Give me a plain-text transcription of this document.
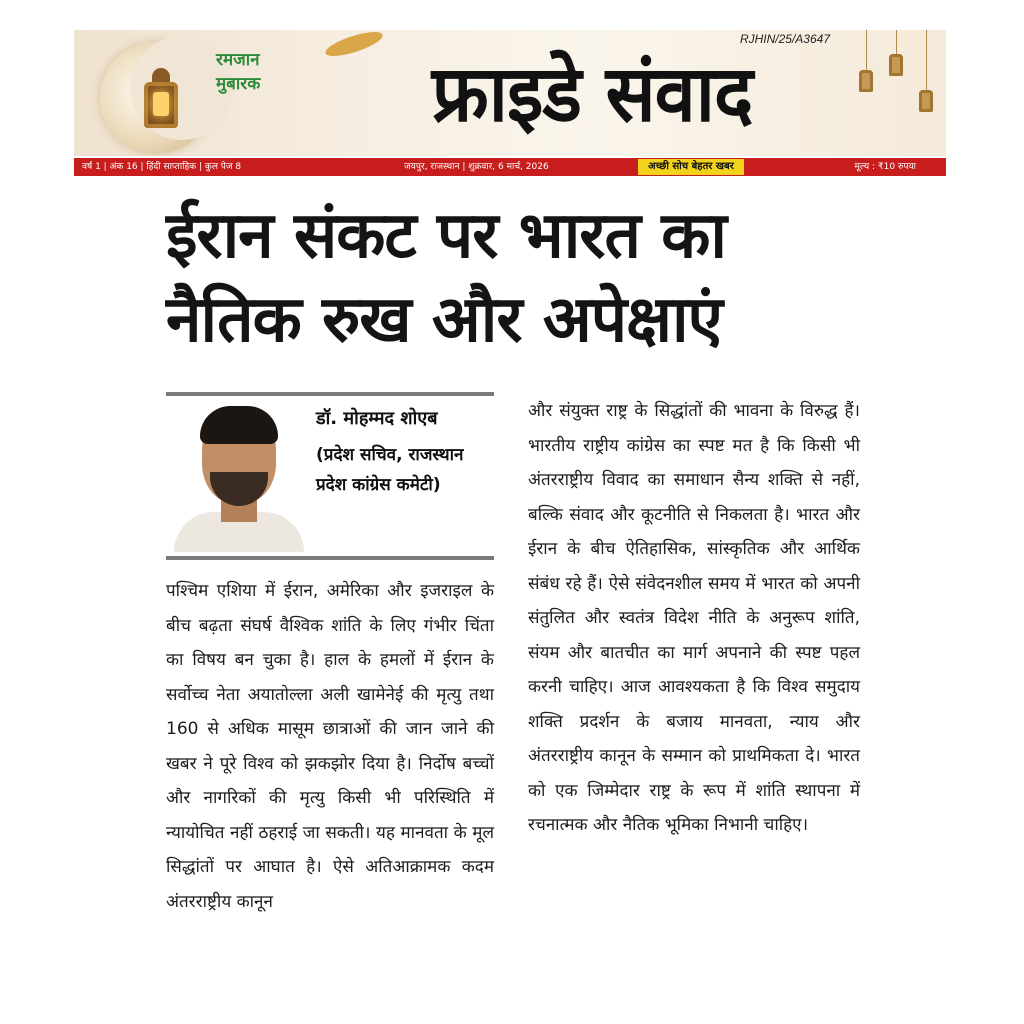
रमजान मुबारक	फ्राइडे संवाद
RJHIN/25/A3647
वर्ष 1 | अंक 16 | हिंदी साप्ताहिक | कुल पेज 8	जयपुर, राजस्थान | शुक्रवार, 6 मार्च, 2026	अच्छी सोच बेहतर खबर	मूल्य : ₹10 रुपया
ईरान संकट पर भारत का नैतिक रुख और अपेक्षाएं

डॉ. मोहम्मद शोएब

(प्रदेश सचिव, राजस्थान प्रदेश कांग्रेस कमेटी)

पश्चिम एशिया में ईरान, अमेरिका और इजराइल के बीच बढ़ता संघर्ष वैश्विक शांति के लिए गंभीर चिंता का विषय बन चुका है। हाल के हमलों में ईरान के सर्वोच्च नेता अयातोल्ला अली खामेनेई की मृत्यु तथा 160 से अधिक मासूम छात्राओं की जान जाने की खबर ने पूरे विश्व को झकझोर दिया है। निर्दोष बच्चों और नागरिकों की मृत्यु किसी भी परिस्थिति में न्यायोचित नहीं ठहराई जा सकती। यह मानवता के मूल सिद्धांतों पर आघात है। ऐसे अतिआक्रामक कदम अंतरराष्ट्रीय कानून

और संयुक्त राष्ट्र के सिद्धांतों की भावना के विरुद्ध हैं। भारतीय राष्ट्रीय कांग्रेस का स्पष्ट मत है कि किसी भी अंतरराष्ट्रीय विवाद का समाधान सैन्य शक्ति से नहीं, बल्कि संवाद और कूटनीति से निकलता है। भारत और ईरान के बीच ऐतिहासिक, सांस्कृतिक और आर्थिक संबंध रहे हैं। ऐसे संवेदनशील समय में भारत को अपनी संतुलित और स्वतंत्र विदेश नीति के अनुरूप शांति, संयम और बातचीत का मार्ग अपनाने की स्पष्ट पहल करनी चाहिए। आज आवश्यकता है कि विश्व समुदाय शक्ति प्रदर्शन के बजाय मानवता, न्याय और अंतरराष्ट्रीय कानून के सम्मान को प्राथमिकता दे। भारत को एक जिम्मेदार राष्ट्र के रूप में शांति स्थापना में रचनात्मक और नैतिक भूमिका निभानी चाहिए।
